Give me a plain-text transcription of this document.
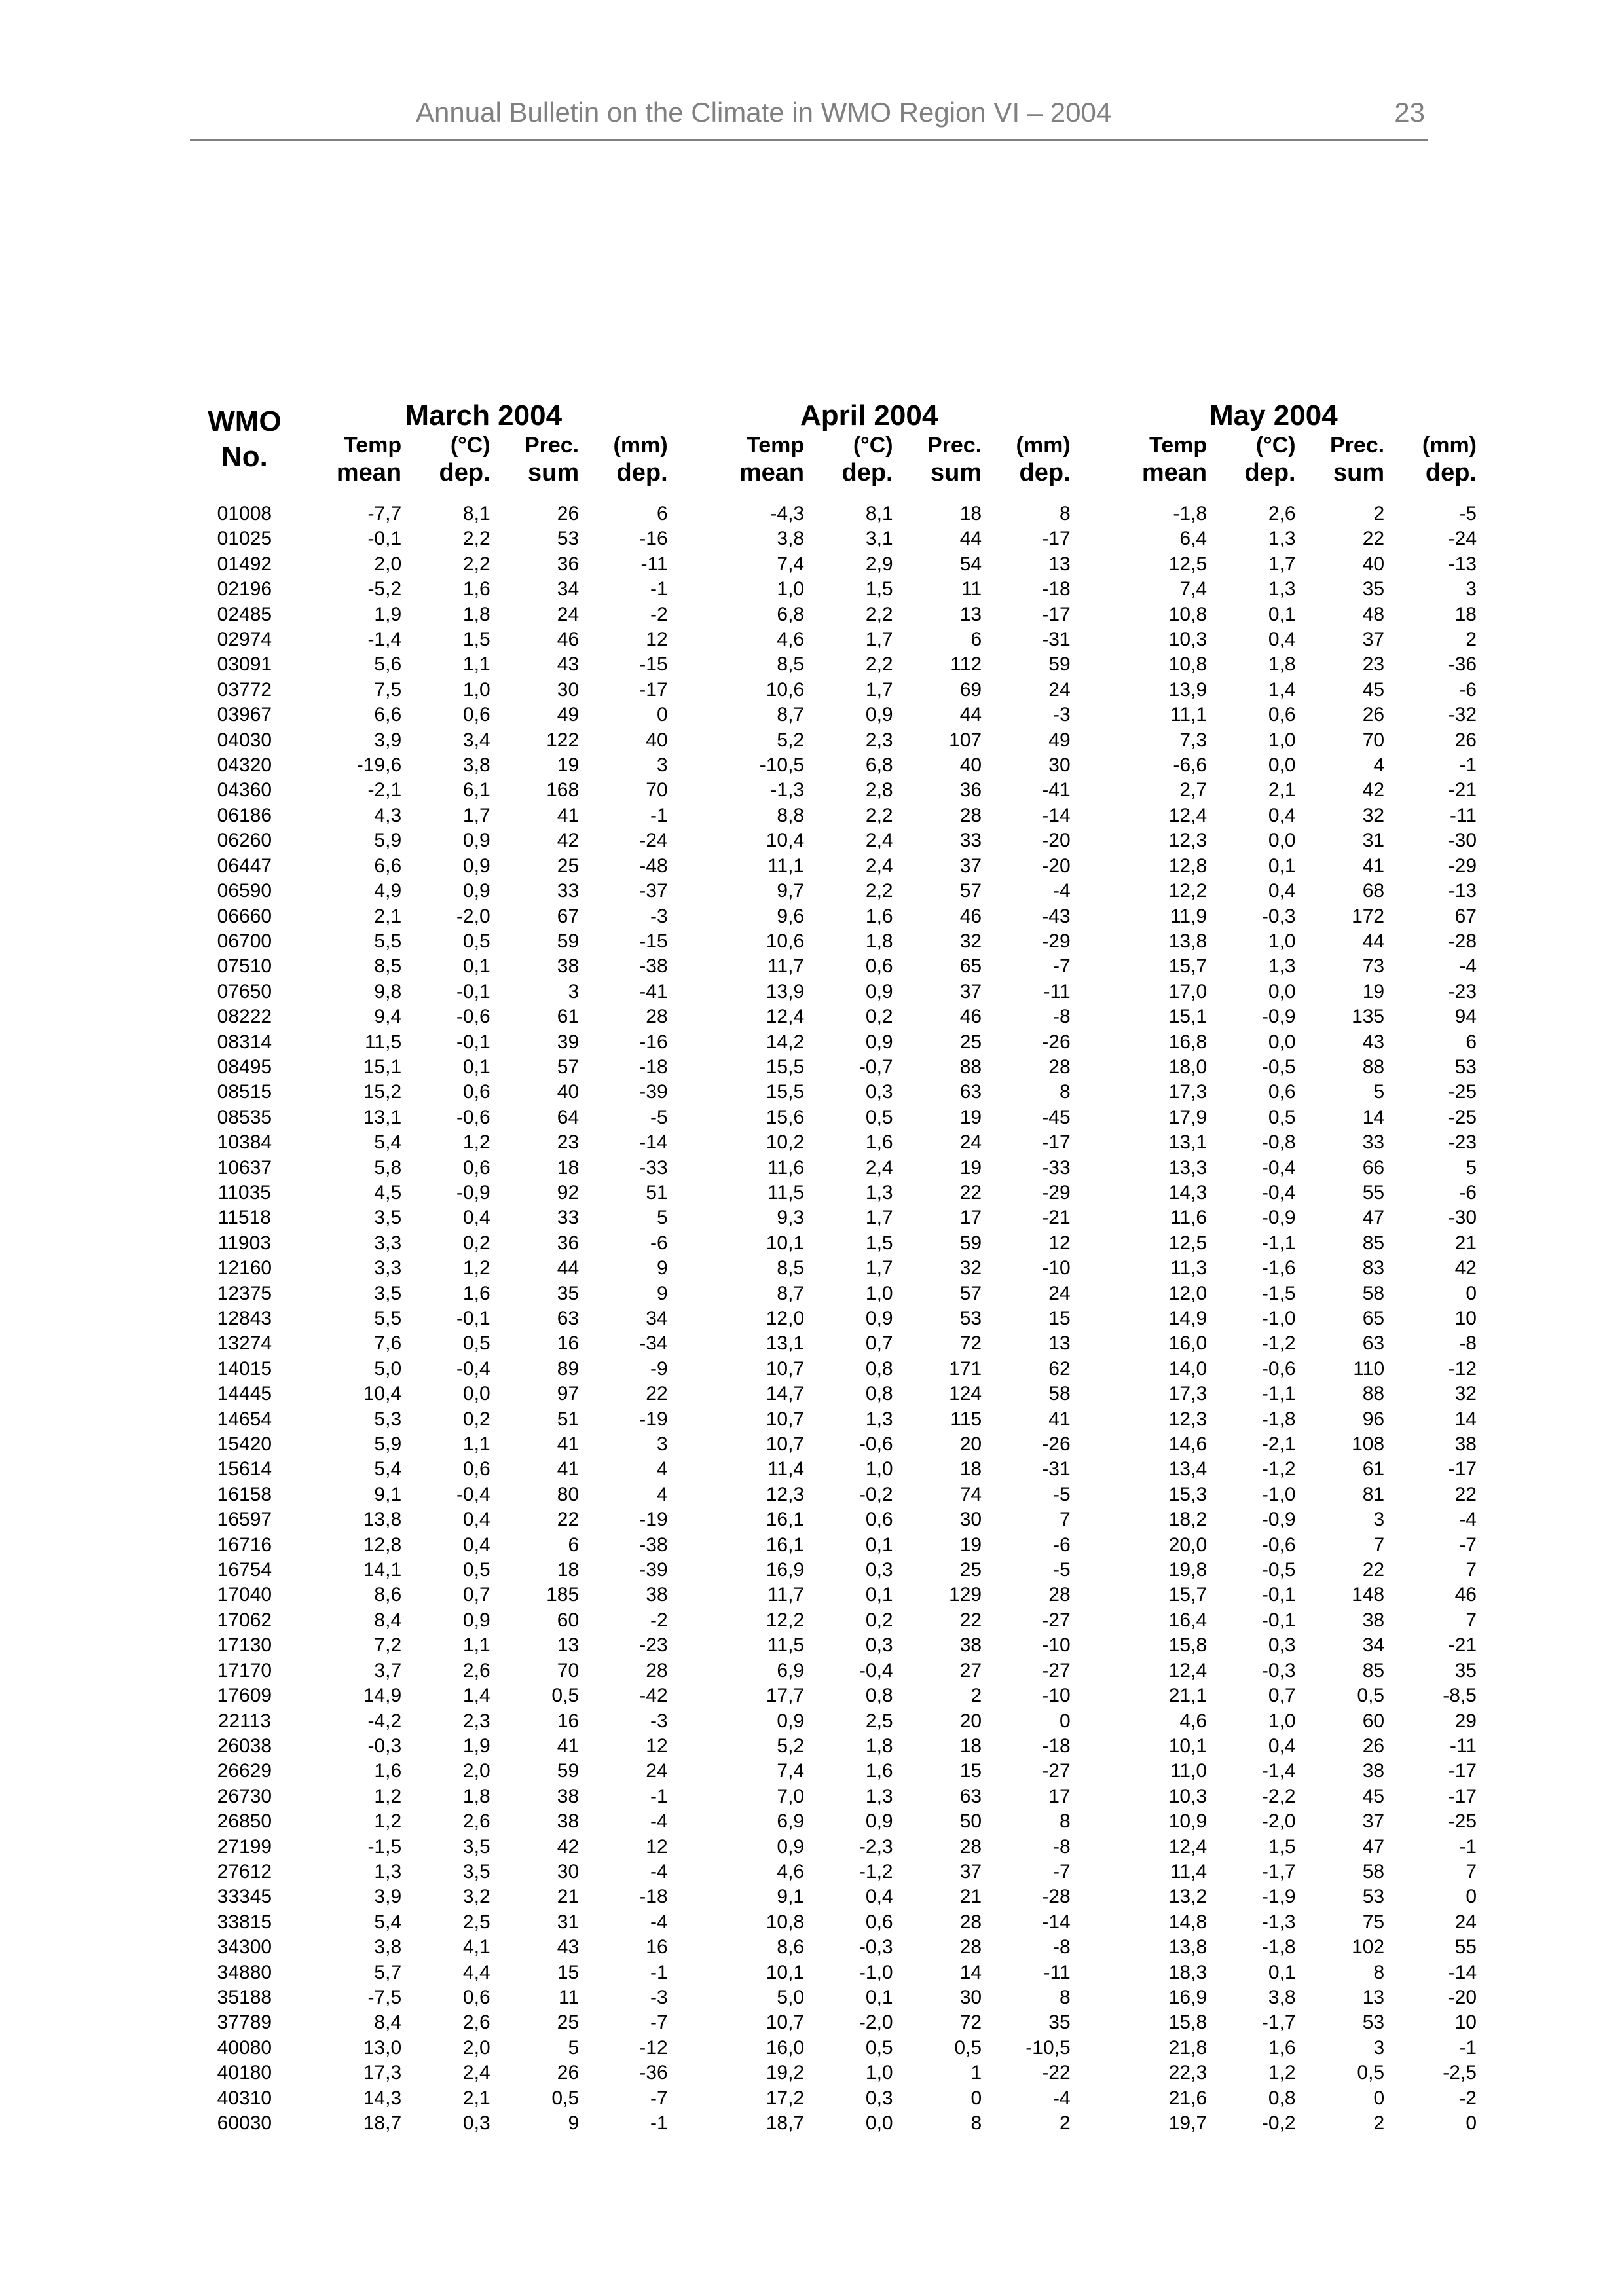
Annual Bulletin on the Climate in WMO Region VI – 2004	23
WMO
No.	March 2004				April 2004				May 2004			
	Temp	(°C)	Prec.	(mm)	Temp	(°C)	Prec.	(mm)	Temp	(°C)	Prec.	(mm)
	mean	dep.	sum	dep.	mean	dep.	sum	dep.	mean	dep.	sum	dep.

01008	-7,7	8,1	26	6	-4,3	8,1	18	8	-1,8	2,6	2	-5
01025	-0,1	2,2	53	-16	3,8	3,1	44	-17	6,4	1,3	22	-24
01492	2,0	2,2	36	-11	7,4	2,9	54	13	12,5	1,7	40	-13
02196	-5,2	1,6	34	-1	1,0	1,5	11	-18	7,4	1,3	35	3
02485	1,9	1,8	24	-2	6,8	2,2	13	-17	10,8	0,1	48	18
02974	-1,4	1,5	46	12	4,6	1,7	6	-31	10,3	0,4	37	2
03091	5,6	1,1	43	-15	8,5	2,2	112	59	10,8	1,8	23	-36
03772	7,5	1,0	30	-17	10,6	1,7	69	24	13,9	1,4	45	-6
03967	6,6	0,6	49	0	8,7	0,9	44	-3	11,1	0,6	26	-32
04030	3,9	3,4	122	40	5,2	2,3	107	49	7,3	1,0	70	26
04320	-19,6	3,8	19	3	-10,5	6,8	40	30	-6,6	0,0	4	-1
04360	-2,1	6,1	168	70	-1,3	2,8	36	-41	2,7	2,1	42	-21
06186	4,3	1,7	41	-1	8,8	2,2	28	-14	12,4	0,4	32	-11
06260	5,9	0,9	42	-24	10,4	2,4	33	-20	12,3	0,0	31	-30
06447	6,6	0,9	25	-48	11,1	2,4	37	-20	12,8	0,1	41	-29
06590	4,9	0,9	33	-37	9,7	2,2	57	-4	12,2	0,4	68	-13
06660	2,1	-2,0	67	-3	9,6	1,6	46	-43	11,9	-0,3	172	67
06700	5,5	0,5	59	-15	10,6	1,8	32	-29	13,8	1,0	44	-28
07510	8,5	0,1	38	-38	11,7	0,6	65	-7	15,7	1,3	73	-4
07650	9,8	-0,1	3	-41	13,9	0,9	37	-11	17,0	0,0	19	-23
08222	9,4	-0,6	61	28	12,4	0,2	46	-8	15,1	-0,9	135	94
08314	11,5	-0,1	39	-16	14,2	0,9	25	-26	16,8	0,0	43	6
08495	15,1	0,1	57	-18	15,5	-0,7	88	28	18,0	-0,5	88	53
08515	15,2	0,6	40	-39	15,5	0,3	63	8	17,3	0,6	5	-25
08535	13,1	-0,6	64	-5	15,6	0,5	19	-45	17,9	0,5	14	-25
10384	5,4	1,2	23	-14	10,2	1,6	24	-17	13,1	-0,8	33	-23
10637	5,8	0,6	18	-33	11,6	2,4	19	-33	13,3	-0,4	66	5
11035	4,5	-0,9	92	51	11,5	1,3	22	-29	14,3	-0,4	55	-6
11518	3,5	0,4	33	5	9,3	1,7	17	-21	11,6	-0,9	47	-30
11903	3,3	0,2	36	-6	10,1	1,5	59	12	12,5	-1,1	85	21
12160	3,3	1,2	44	9	8,5	1,7	32	-10	11,3	-1,6	83	42
12375	3,5	1,6	35	9	8,7	1,0	57	24	12,0	-1,5	58	0
12843	5,5	-0,1	63	34	12,0	0,9	53	15	14,9	-1,0	65	10
13274	7,6	0,5	16	-34	13,1	0,7	72	13	16,0	-1,2	63	-8
14015	5,0	-0,4	89	-9	10,7	0,8	171	62	14,0	-0,6	110	-12
14445	10,4	0,0	97	22	14,7	0,8	124	58	17,3	-1,1	88	32
14654	5,3	0,2	51	-19	10,7	1,3	115	41	12,3	-1,8	96	14
15420	5,9	1,1	41	3	10,7	-0,6	20	-26	14,6	-2,1	108	38
15614	5,4	0,6	41	4	11,4	1,0	18	-31	13,4	-1,2	61	-17
16158	9,1	-0,4	80	4	12,3	-0,2	74	-5	15,3	-1,0	81	22
16597	13,8	0,4	22	-19	16,1	0,6	30	7	18,2	-0,9	3	-4
16716	12,8	0,4	6	-38	16,1	0,1	19	-6	20,0	-0,6	7	-7
16754	14,1	0,5	18	-39	16,9	0,3	25	-5	19,8	-0,5	22	7
17040	8,6	0,7	185	38	11,7	0,1	129	28	15,7	-0,1	148	46
17062	8,4	0,9	60	-2	12,2	0,2	22	-27	16,4	-0,1	38	7
17130	7,2	1,1	13	-23	11,5	0,3	38	-10	15,8	0,3	34	-21
17170	3,7	2,6	70	28	6,9	-0,4	27	-27	12,4	-0,3	85	35
17609	14,9	1,4	0,5	-42	17,7	0,8	2	-10	21,1	0,7	0,5	-8,5
22113	-4,2	2,3	16	-3	0,9	2,5	20	0	4,6	1,0	60	29
26038	-0,3	1,9	41	12	5,2	1,8	18	-18	10,1	0,4	26	-11
26629	1,6	2,0	59	24	7,4	1,6	15	-27	11,0	-1,4	38	-17
26730	1,2	1,8	38	-1	7,0	1,3	63	17	10,3	-2,2	45	-17
26850	1,2	2,6	38	-4	6,9	0,9	50	8	10,9	-2,0	37	-25
27199	-1,5	3,5	42	12	0,9	-2,3	28	-8	12,4	1,5	47	-1
27612	1,3	3,5	30	-4	4,6	-1,2	37	-7	11,4	-1,7	58	7
33345	3,9	3,2	21	-18	9,1	0,4	21	-28	13,2	-1,9	53	0
33815	5,4	2,5	31	-4	10,8	0,6	28	-14	14,8	-1,3	75	24
34300	3,8	4,1	43	16	8,6	-0,3	28	-8	13,8	-1,8	102	55
34880	5,7	4,4	15	-1	10,1	-1,0	14	-11	18,3	0,1	8	-14
35188	-7,5	0,6	11	-3	5,0	0,1	30	8	16,9	3,8	13	-20
37789	8,4	2,6	25	-7	10,7	-2,0	72	35	15,8	-1,7	53	10
40080	13,0	2,0	5	-12	16,0	0,5	0,5	-10,5	21,8	1,6	3	-1
40180	17,3	2,4	26	-36	19,2	1,0	1	-22	22,3	1,2	0,5	-2,5
40310	14,3	2,1	0,5	-7	17,2	0,3	0	-4	21,6	0,8	0	-2
60030	18,7	0,3	9	-1	18,7	0,0	8	2	19,7	-0,2	2	0
